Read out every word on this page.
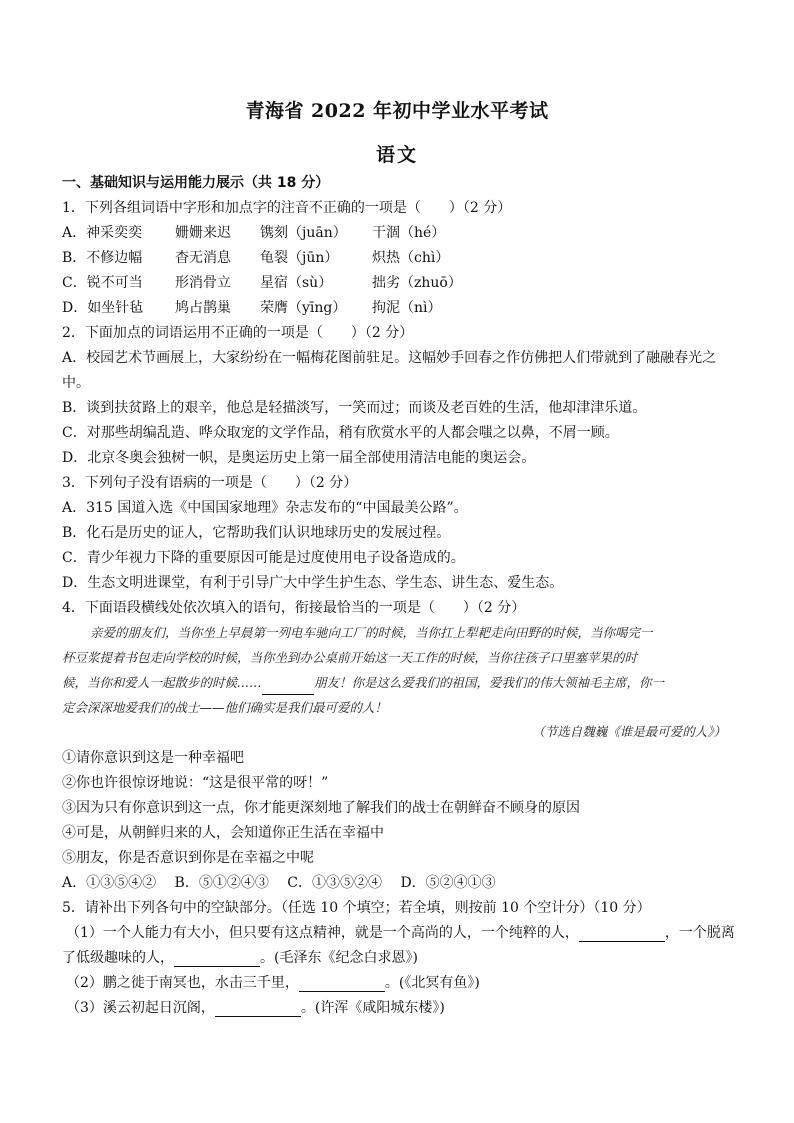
青海省 2022 年初中学业水平考试
语文
一、基础知识与运用能力展示（共 18 分）
1．下列各组词语中字形和加点字的注音不正确的一项是（　　）（2 分）
A．神采奕奕 姗姗来迟 镌刻（juān） 干涸（hé）
B．不修边幅 杳无消息 龟裂（jūn） 炽热（chì）
C．锐不可当 形消骨立 星宿（sù）	拙劣（zhuō）
D．如坐针毡 鸠占鹊巢 荣膺（yīng） 拘泥（nì）
2．下面加点的词语运用不正确的一项是（　　）（2 分）
A．校园艺术节画展上，大家纷纷在一幅梅花图前驻足。这幅妙手回春之作仿佛把人们带就到了融融春光之
中。
B．谈到扶贫路上的艰辛，他总是轻描淡写，一笑而过；而谈及老百姓的生活，他却津津乐道。
C．对那些胡编乱造、哗众取宠的文学作品，稍有欣赏水平的人都会嗤之以鼻，不屑一顾。
D．北京冬奥会独树一帜，是奥运历史上第一届全部使用清洁电能的奥运会。
3．下列句子没有语病的一项是（　　）（2 分）
A．315 国道入选《中国国家地理》杂志发布的“中国最美公路”。
B．化石是历史的证人，它帮助我们认识地球历史的发展过程。
C．青少年视力下降的重要原因可能是过度使用电子设备造成的。
D．生态文明进课堂，有利于引导广大中学生护生态、学生态、讲生态、爱生态。
4．下面语段横线处依次填入的语句，衔接最恰当的一项是（　　）（2 分）
亲爱的朋友们，当你坐上早晨第一列电车驰向工厂的时候，当你扛上犁耙走向田野的时候，当你喝完一
杯豆浆提着书包走向学校的时候，当你坐到办公桌前开始这一天工作的时候，当你往孩子口里塞苹果的时
候，当你和爱人一起散步的时候……	朋友！你是这么爱我们的祖国，爱我们的伟大领袖毛主席，你一
定会深深地爱我们的战士——他们确实是我们最可爱的人！
（节选自魏巍《谁是最可爱的人》）
①请你意识到这是一种幸福吧
②你也许很惊讶地说：“这是很平常的呀！”
③因为只有你意识到这一点，你才能更深刻地了解我们的战士在朝鲜奋不顾身的原因
④可是，从朝鲜归来的人，会知道你正生活在幸福中
⑤朋友，你是否意识到你是在幸福之中呢
A．①③⑤④②　 B．⑤①②④③　 C．①③⑤②④　 D．⑤②④①③
5．请补出下列各句中的空缺部分。（任选 10 个填空；若全填，则按前 10 个空计分）（10 分）
（1）一个人能力有大小，但只要有这点精神，就是一个高尚的人，一个纯粹的人，	，一个脱离
了低级趣味的人，	。(毛泽东《纪念白求恩》)
（2）鹏之徙于南冥也，水击三千里，	。(《北冥有鱼》)
（3）溪云初起日沉阁，	。(许浑《咸阳城东楼》)
